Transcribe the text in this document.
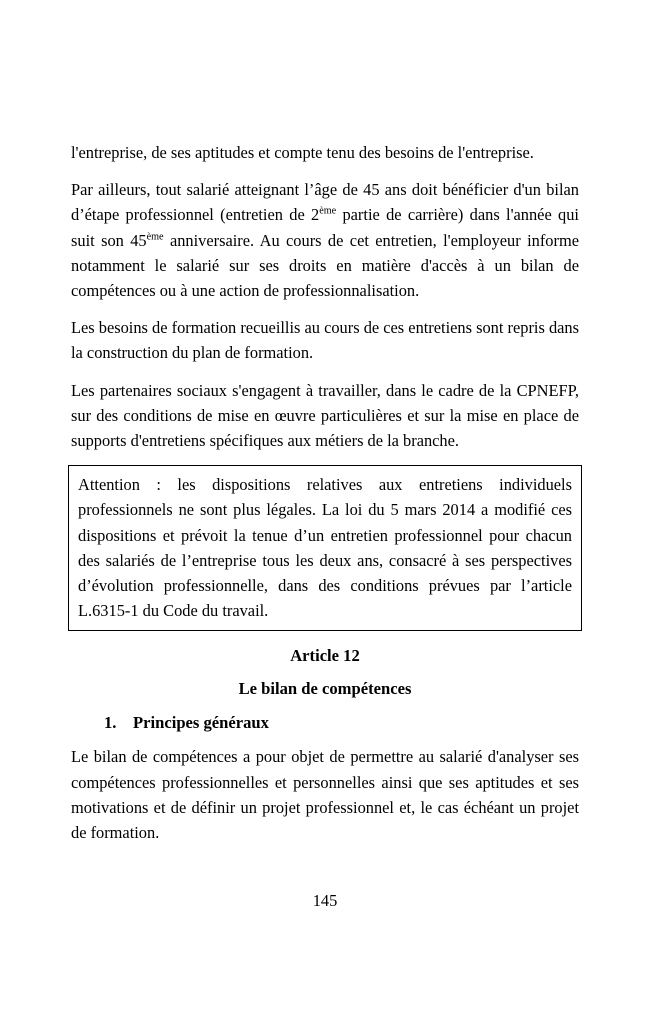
l'entreprise, de ses aptitudes et compte tenu des besoins de l'entreprise.

Par ailleurs, tout salarié atteignant l’âge de 45 ans doit bénéficier d'un bilan d’étape professionnel (entretien de 2ème partie de carrière) dans l'année qui suit son 45ème anniversaire. Au cours de cet entretien, l'employeur informe notamment le salarié sur ses droits en matière d'accès à un bilan de compétences ou à une action de professionnalisation.

Les besoins de formation recueillis au cours de ces entretiens sont repris dans la construction du plan de formation.

Les partenaires sociaux s'engagent à travailler, dans le cadre de la CPNEFP, sur des conditions de mise en œuvre particulières et sur la mise en place de supports d'entretiens spécifiques aux métiers de la branche.

Attention : les dispositions relatives aux entretiens individuels professionnels ne sont plus légales. La loi du 5 mars 2014 a modifié ces dispositions et prévoit la tenue d’un entretien professionnel pour chacun des salariés de l’entreprise tous les deux ans, consacré à ses perspectives d’évolution professionnelle, dans des conditions prévues par l’article L.6315-1 du Code du travail.

Article 12
Le bilan de compétences
1. Principes généraux

Le bilan de compétences a pour objet de permettre au salarié d'analyser ses compétences professionnelles et personnelles ainsi que ses aptitudes et ses motivations et de définir un projet professionnel et, le cas échéant un projet de formation.

145
